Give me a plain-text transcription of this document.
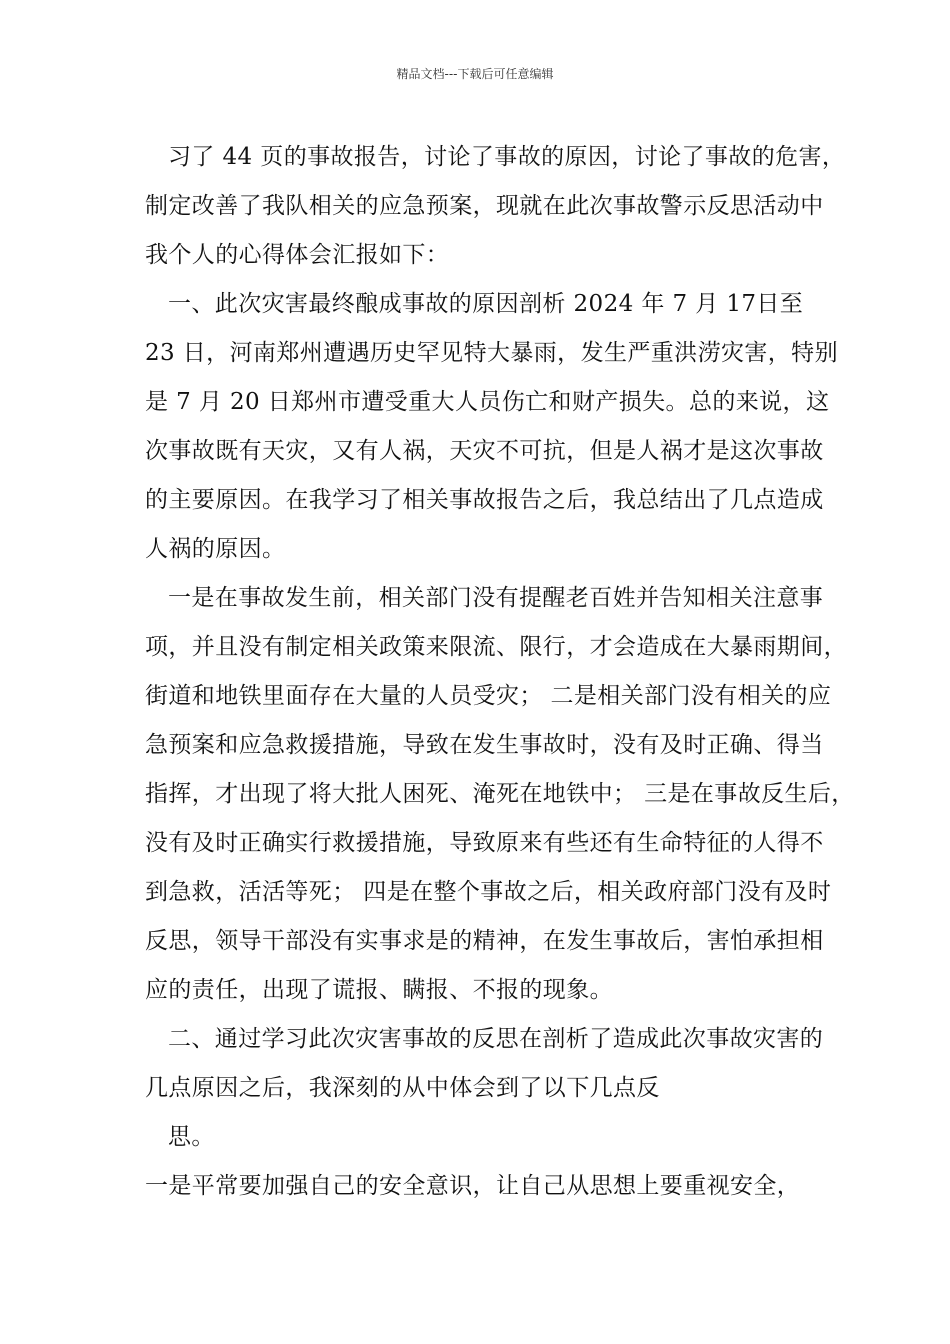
精品文档---下载后可任意编辑
习了 44 页的事故报告，讨论了事故的原因，讨论了事故的危害，
制定改善了我队相关的应急预案，现就在此次事故警示反思活动中
我个人的心得体会汇报如下：
一、此次灾害最终酿成事故的原因剖析 2024 年 7 月 17日至
23 日，河南郑州遭遇历史罕见特大暴雨，发生严重洪涝灾害，特别
是 7 月 20 日郑州市遭受重大人员伤亡和财产损失。总的来说，这
次事故既有天灾，又有人祸，天灾不可抗，但是人祸才是这次事故
的主要原因。在我学习了相关事故报告之后，我总结出了几点造成
人祸的原因。
一是在事故发生前，相关部门没有提醒老百姓并告知相关注意事
项，并且没有制定相关政策来限流、限行，才会造成在大暴雨期间，
街道和地铁里面存在大量的人员受灾； 二是相关部门没有相关的应
急预案和应急救援措施，导致在发生事故时，没有及时正确、得当
指挥，才出现了将大批人困死、淹死在地铁中； 三是在事故反生后，
没有及时正确实行救援措施，导致原来有些还有生命特征的人得不
到急救，活活等死； 四是在整个事故之后，相关政府部门没有及时
反思，领导干部没有实事求是的精神，在发生事故后，害怕承担相
应的责任，出现了谎报、瞒报、不报的现象。
二、通过学习此次灾害事故的反思在剖析了造成此次事故灾害的
几点原因之后，我深刻的从中体会到了以下几点反
思。
一是平常要加强自己的安全意识，让自己从思想上要重视安全，
